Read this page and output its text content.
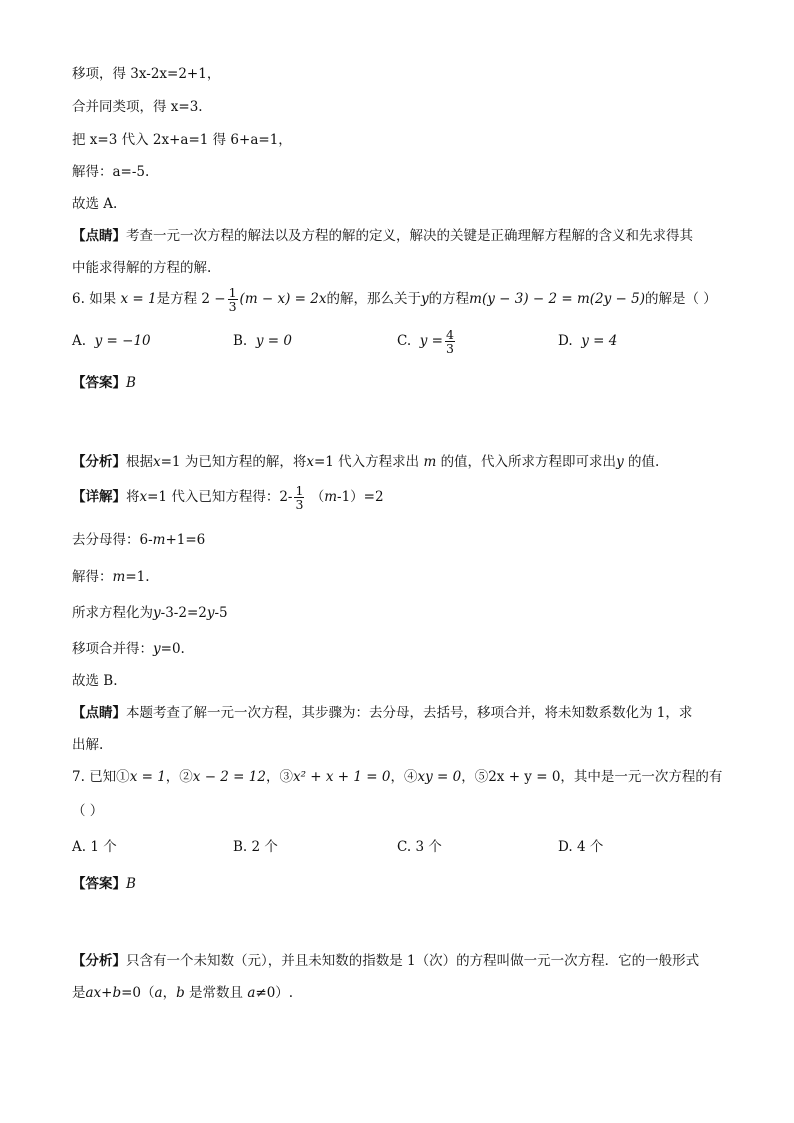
移项，得 3x-2x=2+1，
合并同类项，得 x=3.
把 x=3 代入 2x+a=1 得 6+a=1，
解得：a=-5.
故选 A.
【点睛】考查一元一次方程的解法以及方程的解的定义，解决的关键是正确理解方程解的含义和先求得其
中能求得解的方程的解.
6. 如果 x = 1是方程 $2 - \frac{1}{3} (m - x) = 2x$的解，那么关于y的方程m(y − 3) − 2 = m(2y − 5)的解是（ ）
A. y = −10	B. y = 0	C. $y = \frac{4}{3}$	D. y = 4
【答案】B
【分析】根据x=1 为已知方程的解，将x=1 代入方程求出 m 的值，代入所求方程即可求出y 的值.
【详解】将x=1 代入已知方程得：$2- \frac{1}{3} (m-1)=2$
去分母得：6-m+1=6
解得：m=1.
所求方程化为y-3-2=2y-5
移项合并得：y=0.
故选 B.
【点睛】本题考查了解一元一次方程，其步骤为：去分母，去括号，移项合并，将未知数系数化为 1，求
出解.
7. 已知①x = 1，②x − 2 = 12，③x² + x + 1 = 0，④xy = 0，⑤2x + y = 0，其中是一元一次方程的有
（ ）
A. 1 个	B. 2 个	C. 3 个	D. 4 个
【答案】B
【分析】只含有一个未知数（元），并且未知数的指数是 1（次）的方程叫做一元一次方程．它的一般形式
是ax+b=0（a，b 是常数且 a≠0）.
